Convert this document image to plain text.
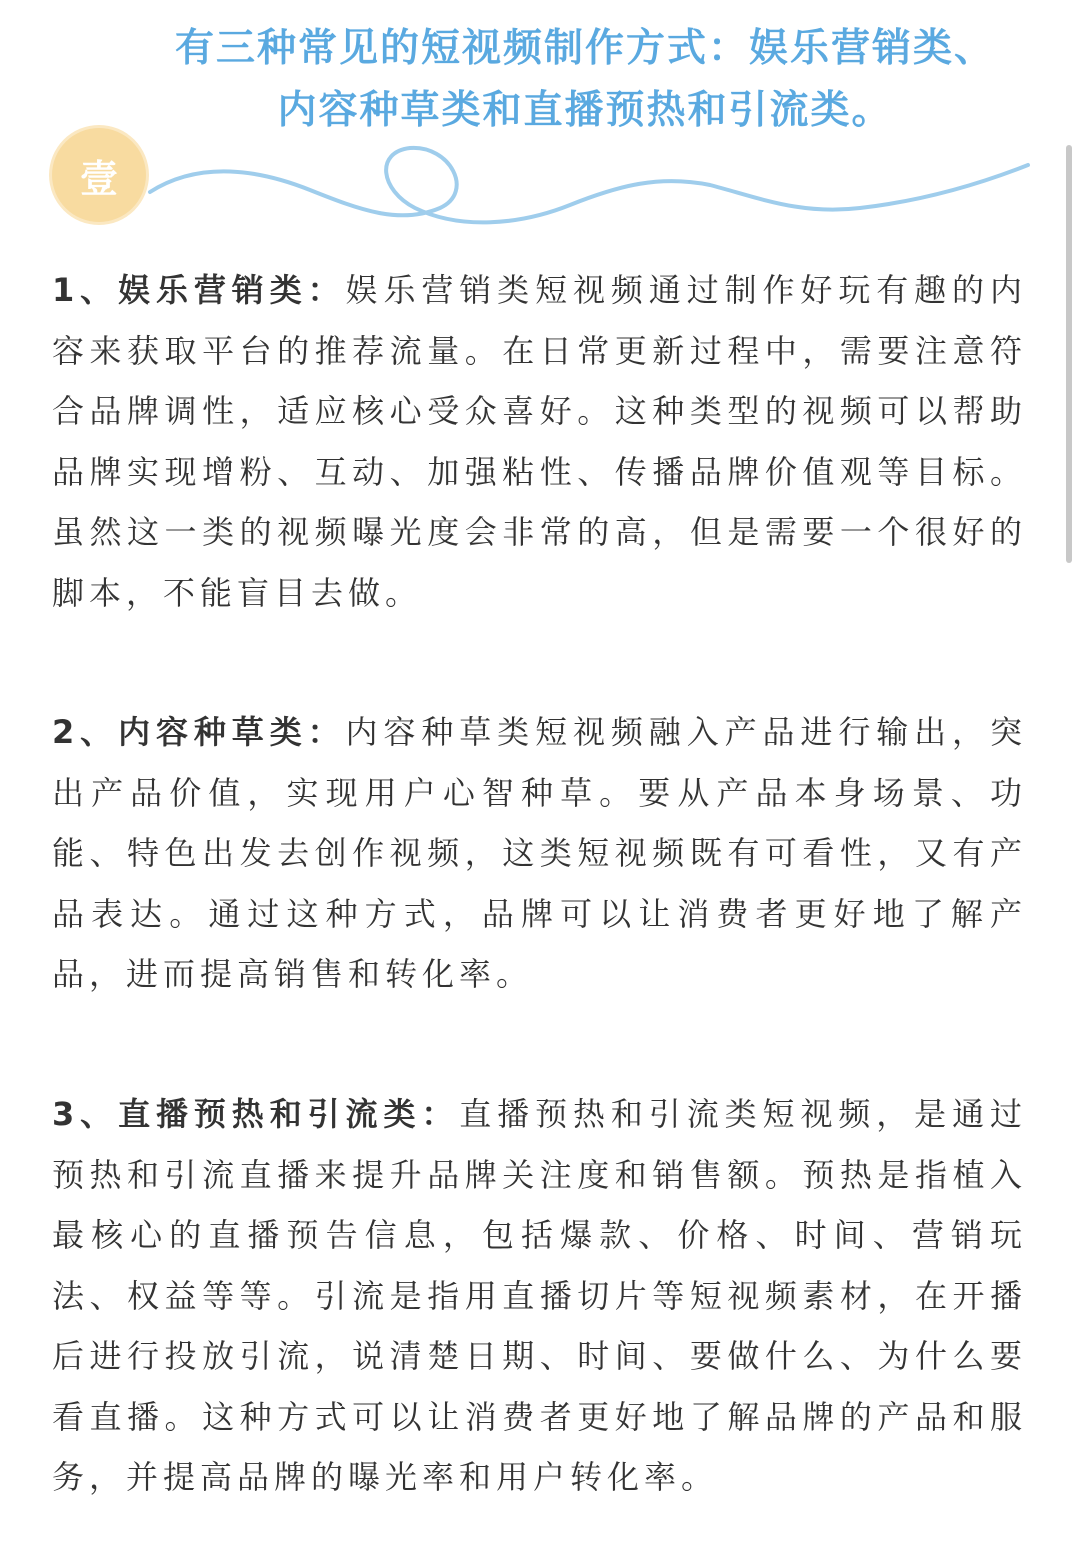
有三种常见的短视频制作方式：娱乐营销类、
内容种草类和直播预热和引流类。
壹

1、娱乐营销类：娱乐营销类短视频通过制作好玩有趣的内容来获取平台的推荐流量。在日常更新过程中，需要注意符合品牌调性，适应核心受众喜好。这种类型的视频可以帮助品牌实现增粉、互动、加强粘性、传播品牌价值观等目标。虽然这一类的视频曝光度会非常的高，但是需要一个很好的脚本，不能盲目去做。

2、内容种草类：内容种草类短视频融入产品进行输出，突出产品价值，实现用户心智种草。要从产品本身场景、功能、特色出发去创作视频，这类短视频既有可看性，又有产品表达。通过这种方式，品牌可以让消费者更好地了解产品，进而提高销售和转化率。

3、直播预热和引流类：直播预热和引流类短视频，是通过预热和引流直播来提升品牌关注度和销售额。预热是指植入最核心的直播预告信息，包括爆款、价格、时间、营销玩法、权益等等。引流是指用直播切片等短视频素材，在开播后进行投放引流，说清楚日期、时间、要做什么、为什么要看直播。这种方式可以让消费者更好地了解品牌的产品和服务，并提高品牌的曝光率和用户转化率。
